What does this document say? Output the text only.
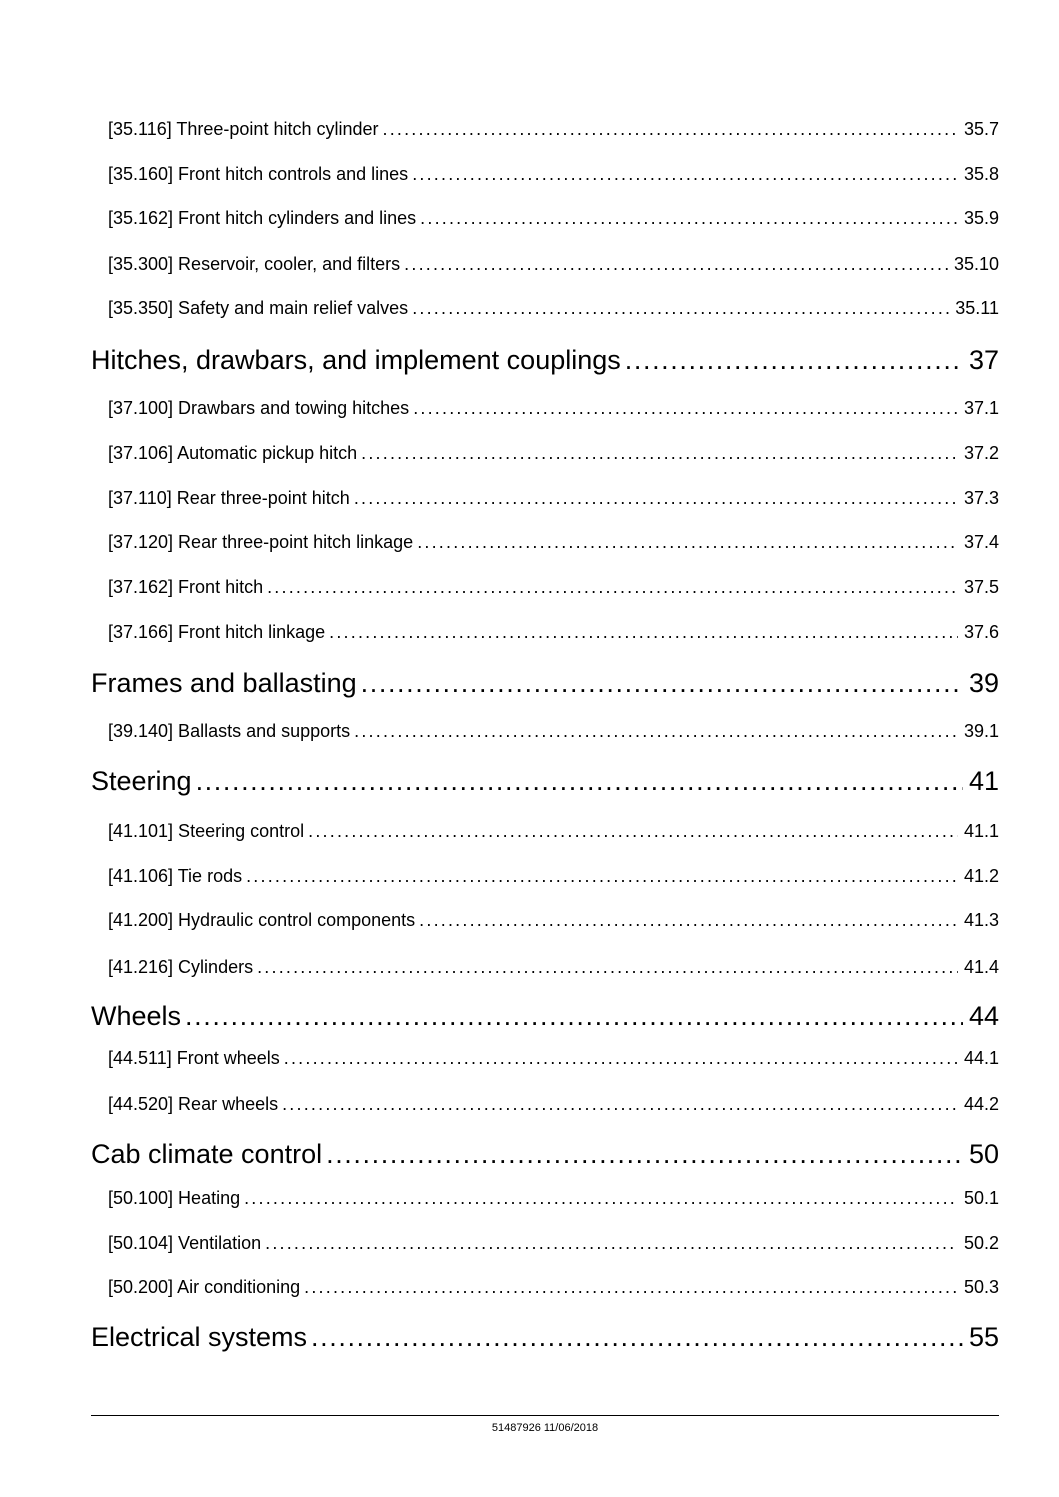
[35.116] Three-point hitch cylinder .....	35.7
[35.160] Front hitch controls and lines .....	35.8
[35.162] Front hitch cylinders and lines .....	35.9
[35.300] Reservoir, cooler, and filters .....	35.10
[35.350] Safety and main relief valves .....	35.11
Hitches, drawbars, and implement couplings .....	37
[37.100] Drawbars and towing hitches .....	37.1
[37.106] Automatic pickup hitch .....	37.2
[37.110] Rear three-point hitch .....	37.3
[37.120] Rear three-point hitch linkage .....	37.4
[37.162] Front hitch .....	37.5
[37.166] Front hitch linkage .....	37.6
Frames and ballasting .....	39
[39.140] Ballasts and supports .....	39.1
Steering .....	41
[41.101] Steering control .....	41.1
[41.106] Tie rods .....	41.2
[41.200] Hydraulic control components .....	41.3
[41.216] Cylinders .....	41.4
Wheels .....	44
[44.511] Front wheels .....	44.1
[44.520] Rear wheels .....	44.2
Cab climate control .....	50
[50.100] Heating .....	50.1
[50.104] Ventilation .....	50.2
[50.200] Air conditioning .....	50.3
Electrical systems .....	55
51487926 11/06/2018
